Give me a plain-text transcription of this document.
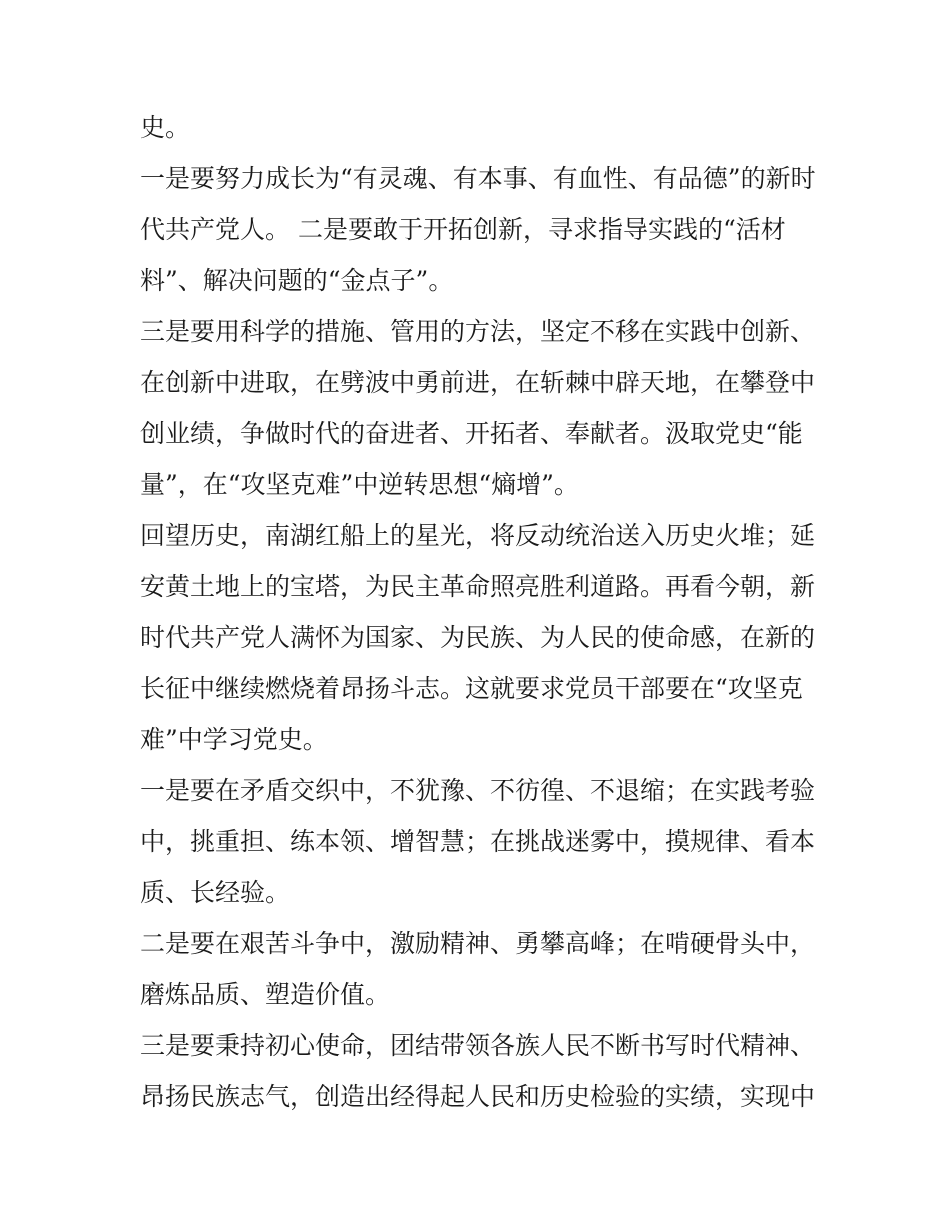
史。
一是要努力成长为“有灵魂、有本事、有血性、有品德”的新时
代共产党人。 二是要敢于开拓创新，寻求指导实践的“活材
料”、解决问题的“金点子”。
三是要用科学的措施、管用的方法，坚定不移在实践中创新、
在创新中进取，在劈波中勇前进，在斩棘中辟天地，在攀登中
创业绩，争做时代的奋进者、开拓者、奉献者。汲取党史“能
量”，在“攻坚克难”中逆转思想“熵增”。
回望历史，南湖红船上的星光，将反动统治送入历史火堆；延
安黄土地上的宝塔，为民主革命照亮胜利道路。再看今朝，新
时代共产党人满怀为国家、为民族、为人民的使命感，在新的
长征中继续燃烧着昂扬斗志。这就要求党员干部要在“攻坚克
难”中学习党史。
一是要在矛盾交织中，不犹豫、不彷徨、不退缩；在实践考验
中，挑重担、练本领、增智慧；在挑战迷雾中，摸规律、看本
质、长经验。
二是要在艰苦斗争中，激励精神、勇攀高峰；在啃硬骨头中，
磨炼品质、塑造价值。
三是要秉持初心使命，团结带领各族人民不断书写时代精神、
昂扬民族志气，创造出经得起人民和历史检验的实绩，实现中
